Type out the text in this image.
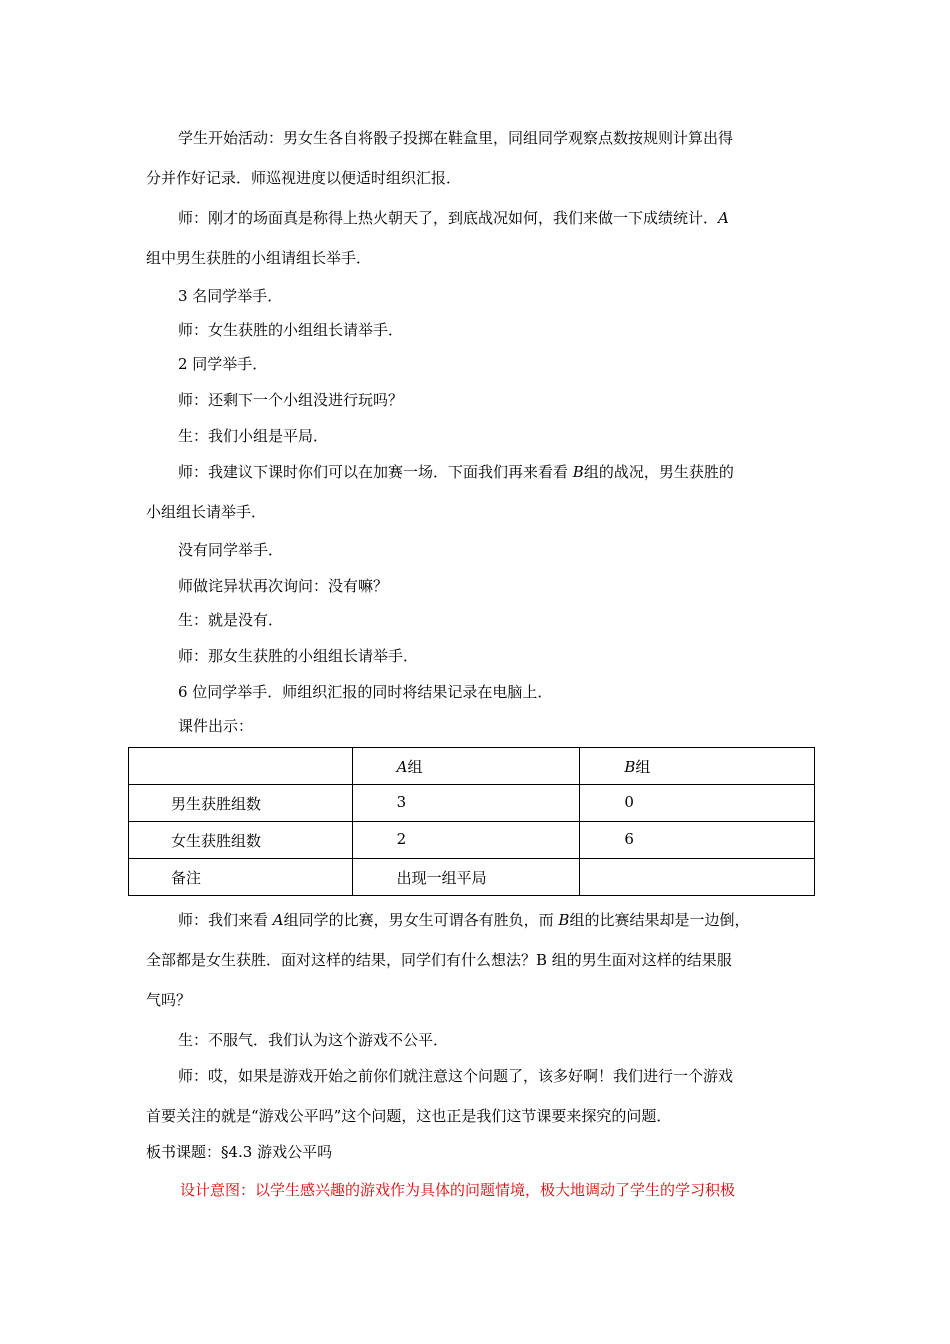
学生开始活动：男女生各自将骰子投掷在鞋盒里，同组同学观察点数按规则计算出得
分并作好记录．师巡视进度以便适时组织汇报．
师：刚才的场面真是称得上热火朝天了，到底战况如何，我们来做一下成绩统计．A
组中男生获胜的小组请组长举手．
3 名同学举手．
师：女生获胜的小组组长请举手．
2 同学举手．
师：还剩下一个小组没进行玩吗？
生：我们小组是平局．
师：我建议下课时你们可以在加赛一场．下面我们再来看看 B组的战况，男生获胜的
小组组长请举手．
没有同学举手．
师做诧异状再次询问：没有嘛？
生：就是没有．
师：那女生获胜的小组组长请举手．
6 位同学举手．师组织汇报的同时将结果记录在电脑上．
课件出示：
	A组	B组
男生获胜组数	3	0
女生获胜组数	2	6
备注	出现一组平局	
师：我们来看 A组同学的比赛，男女生可谓各有胜负，而 B组的比赛结果却是一边倒，
全部都是女生获胜．面对这样的结果，同学们有什么想法？B 组的男生面对这样的结果服
气吗？
生：不服气．我们认为这个游戏不公平．
师：哎，如果是游戏开始之前你们就注意这个问题了，该多好啊！我们进行一个游戏
首要关注的就是“游戏公平吗”这个问题，这也正是我们这节课要来探究的问题．
板书课题：§4.3 游戏公平吗
设计意图：以学生感兴趣的游戏作为具体的问题情境，极大地调动了学生的学习积极
